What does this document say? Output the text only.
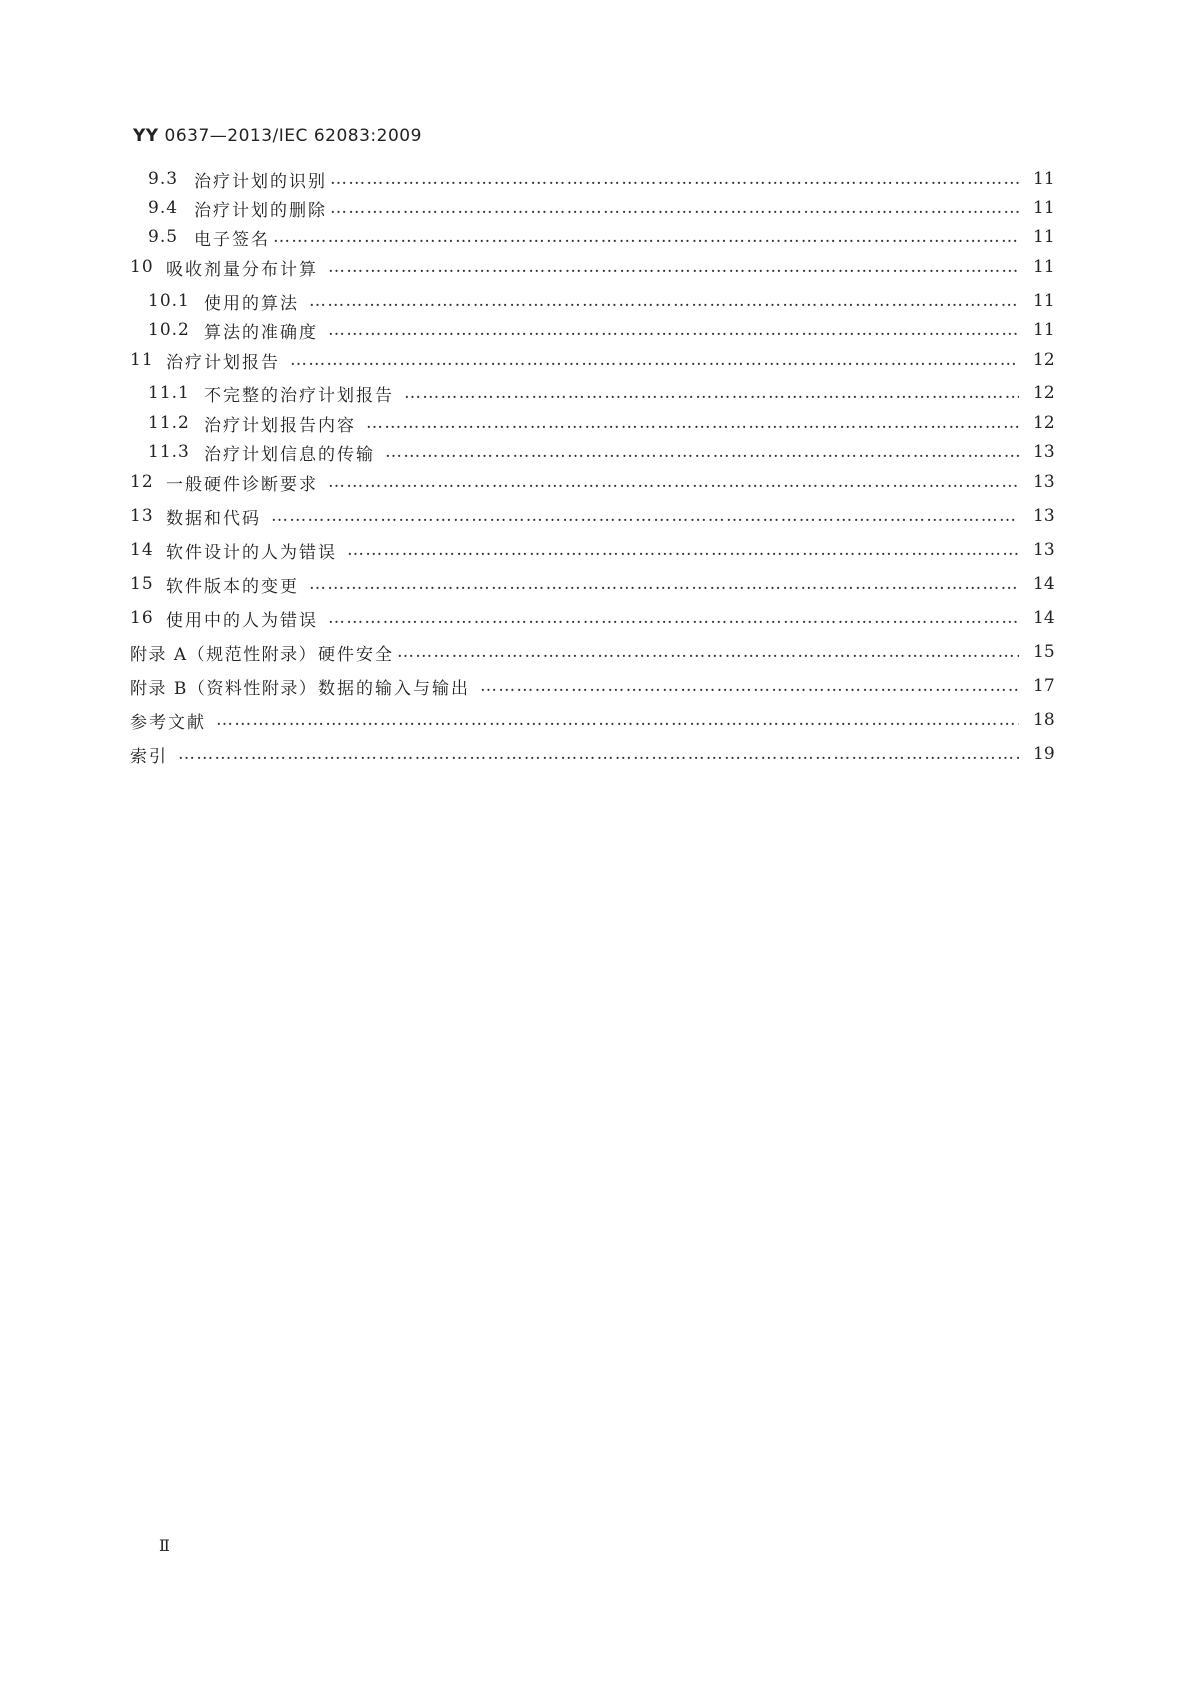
YY 0637—2013/IEC 62083:2009
9.3 治疗计划的识别 …………………………………………………………………………………………………………………………………………………………………………………………………………	11
9.4 治疗计划的删除 …………………………………………………………………………………………………………………………………………………………………………………………………………	11
9.5 电子签名 …………………………………………………………………………………………………………………………………………………………………………………………………………	11
10 吸收剂量分布计算 …………………………………………………………………………………………………………………………………………………………………………………………………………	11
10.1 使用的算法 …………………………………………………………………………………………………………………………………………………………………………………………………………	11
10.2 算法的准确度 …………………………………………………………………………………………………………………………………………………………………………………………………………	11
11 治疗计划报告 …………………………………………………………………………………………………………………………………………………………………………………………………………	12
11.1 不完整的治疗计划报告 …………………………………………………………………………………………………………………………………………………………………………………………………………	12
11.2 治疗计划报告内容 …………………………………………………………………………………………………………………………………………………………………………………………………………	12
11.3 治疗计划信息的传输 …………………………………………………………………………………………………………………………………………………………………………………………………………	13
12 一般硬件诊断要求 …………………………………………………………………………………………………………………………………………………………………………………………………………	13
13 数据和代码 …………………………………………………………………………………………………………………………………………………………………………………………………………	13
14 软件设计的人为错误 …………………………………………………………………………………………………………………………………………………………………………………………………………	13
15 软件版本的变更 …………………………………………………………………………………………………………………………………………………………………………………………………………	14
16 使用中的人为错误 …………………………………………………………………………………………………………………………………………………………………………………………………………	14
附录 A（规范性附录） 硬件安全 …………………………………………………………………………………………………………………………………………………………………………………………………………	15
附录 B（资料性附录） 数据的输入与输出 …………………………………………………………………………………………………………………………………………………………………………………………………………	17
参考文献 …………………………………………………………………………………………………………………………………………………………………………………………………………	18
索引 …………………………………………………………………………………………………………………………………………………………………………………………………………	19
Ⅱ
